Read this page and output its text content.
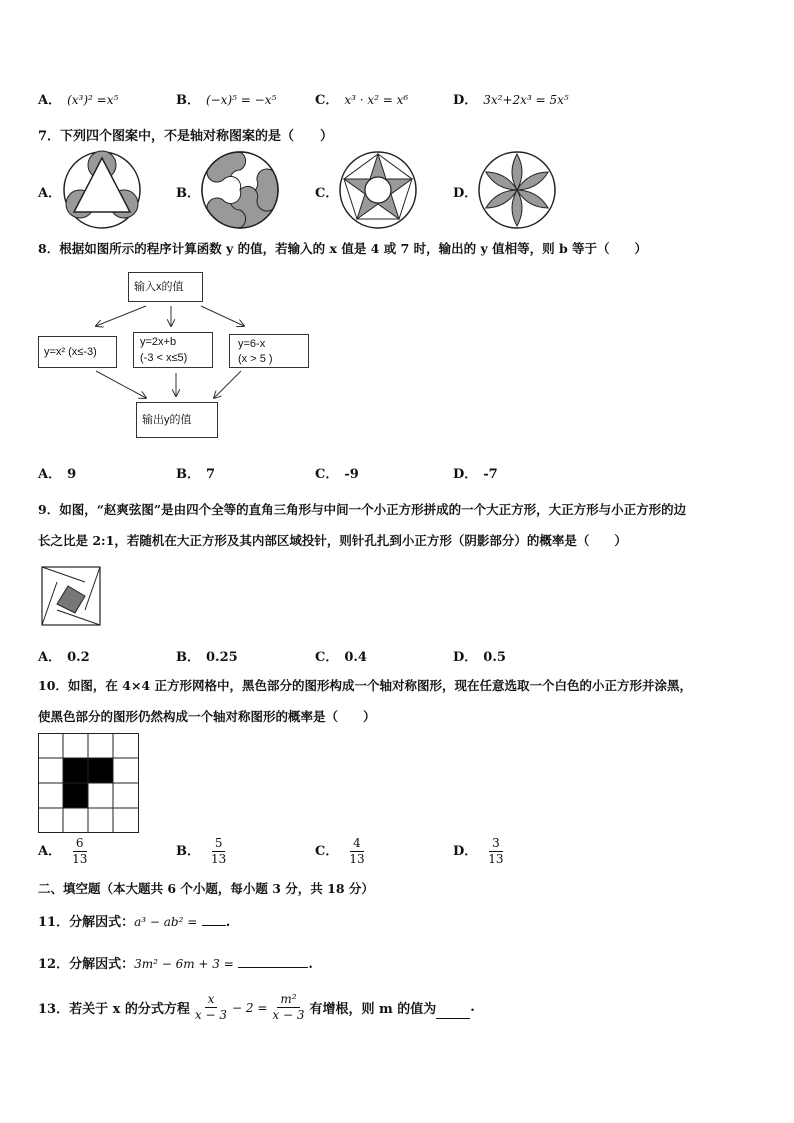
A． (x³)² =x⁵	B． (−x)⁵ = −x⁵	C． x³ · x² = x⁶	D． 3x²+2x³ = 5x⁵
7．下列四个图案中，不是轴对称图案的是（　　）
A．	B．	C．	D．
8．根据如图所示的程序计算函数 y 的值，若输入的 x 值是 4 或 7 时，输出的 y 值相等，则 b 等于（　　）
输入x的值
y=x² (x≤-3)
y=2x+b
(-3 < x≤5)
y=6-x
(x > 5 )
输出y的值
A． 9	B． 7	C． -9	D． -7
9．如图，“赵爽弦图”是由四个全等的直角三角形与中间一个小正方形拼成的一个大正方形，大正方形与小正方形的边
长之比是 2:1，若随机在大正方形及其内部区域投针，则针孔扎到小正方形（阴影部分）的概率是（　　）
A． 0.2	B． 0.25	C． 0.4	D． 0.5
10．如图，在 4×4 正方形网格中，黑色部分的图形构成一个轴对称图形，现在任意选取一个白色的小正方形并涂黑，
使黑色部分的图形仍然构成一个轴对称图形的概率是（　　）
A． $\frac{6}{13}$	B． $\frac{5}{13}$	C． $\frac{4}{13}$	D． $\frac{3}{13}$
二、填空题（本大题共 6 个小题，每小题 3 分，共 18 分）
11．分解因式：a³ − ab² = .
12．分解因式：3m² − 6m + 3 =	.
13．若关于 x 的分式方程 $\frac{x}{x - 3} - 2 = \frac{\text{m²}}{x - 3}$ 有增根，则 m 的值为	.
